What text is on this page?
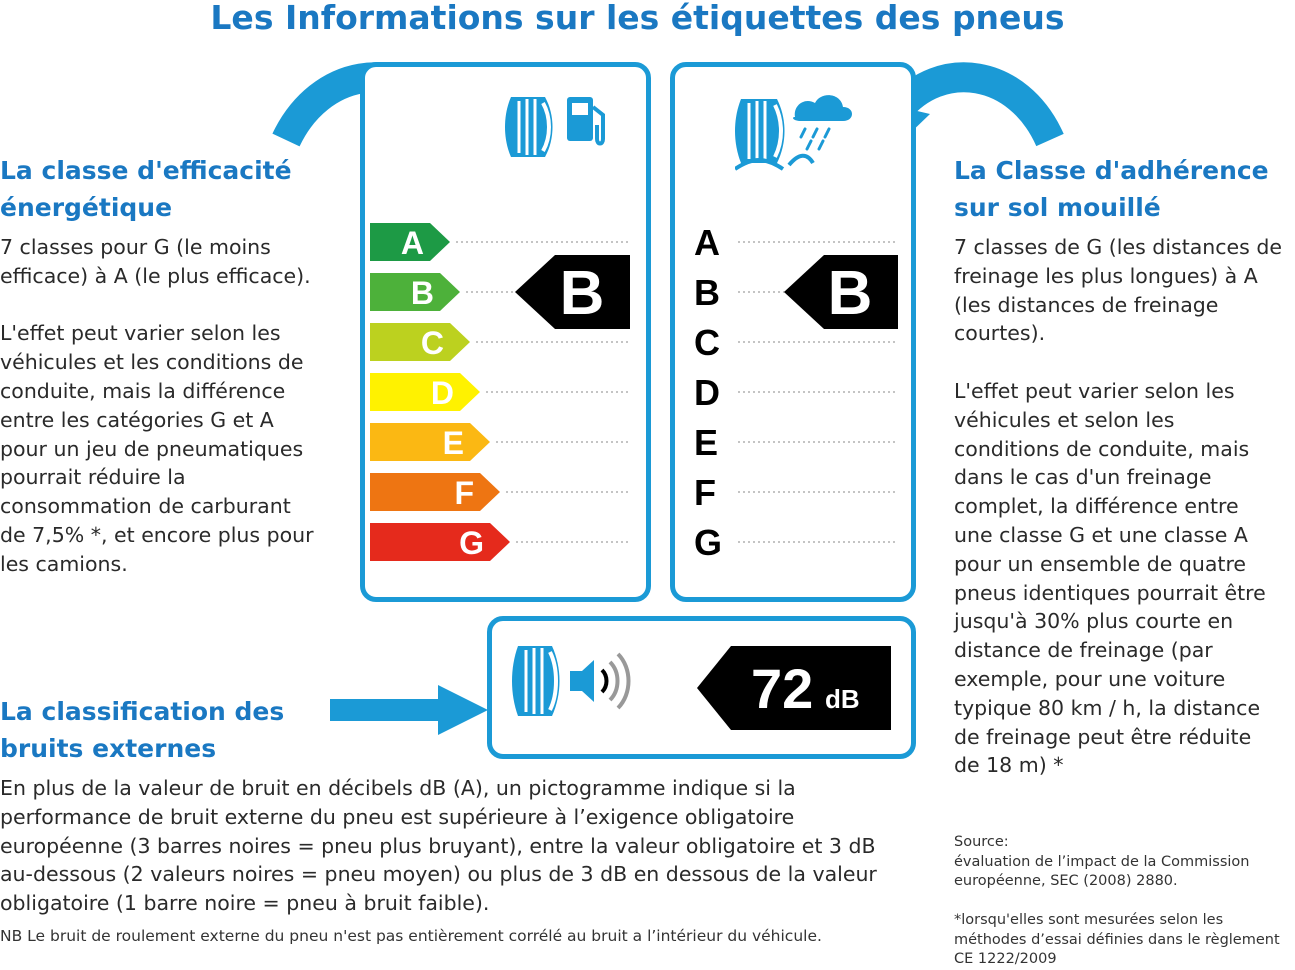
Les Informations sur les étiquettes des pneus
La classe d'efficacité
énergétique
7 classes pour G (le moins
efficace) à A (le plus efficace).

L'effet peut varier selon les
véhicules et les conditions de
conduite, mais la différence
entre les catégories G et A
pour un jeu de pneumatiques
pourrait réduire la
consommation de carburant
de 7,5% *, et encore plus pour
les camions.
A
B B
C
D
E
F
G
A
B B
C
D
E
F
G
La Classe d'adhérence
sur sol mouillé
7 classes de G (les distances de
freinage les plus longues) à A
(les distances de freinage
courtes).

L'effet peut varier selon les
véhicules et selon les
conditions de conduite, mais
dans le cas d'un freinage
complet, la différence entre
une classe G et une classe A
pour un ensemble de quatre
pneus identiques pourrait être
jusqu'à 30% plus courte en
distance de freinage (par
exemple, pour une voiture
typique 80 km / h, la distance
de freinage peut être réduite
de 18 m) *
La classification des
bruits externes
72 dB
En plus de la valeur de bruit en décibels dB (A), un pictogramme indique si la
performance de bruit externe du pneu est supérieure à l’exigence obligatoire
européenne (3 barres noires = pneu plus bruyant), entre la valeur obligatoire et 3 dB
au-dessous (2 valeurs noires = pneu moyen) ou plus de 3 dB en dessous de la valeur
obligatoire (1 barre noire = pneu à bruit faible).
NB Le bruit de roulement externe du pneu n'est pas entièrement corrélé au bruit a l’intérieur du véhicule.
Source:
évaluation de l’impact de la Commission
européenne, SEC (2008) 2880.

*lorsqu'elles sont mesurées selon les
méthodes d’essai définies dans le règlement
CE 1222/2009
